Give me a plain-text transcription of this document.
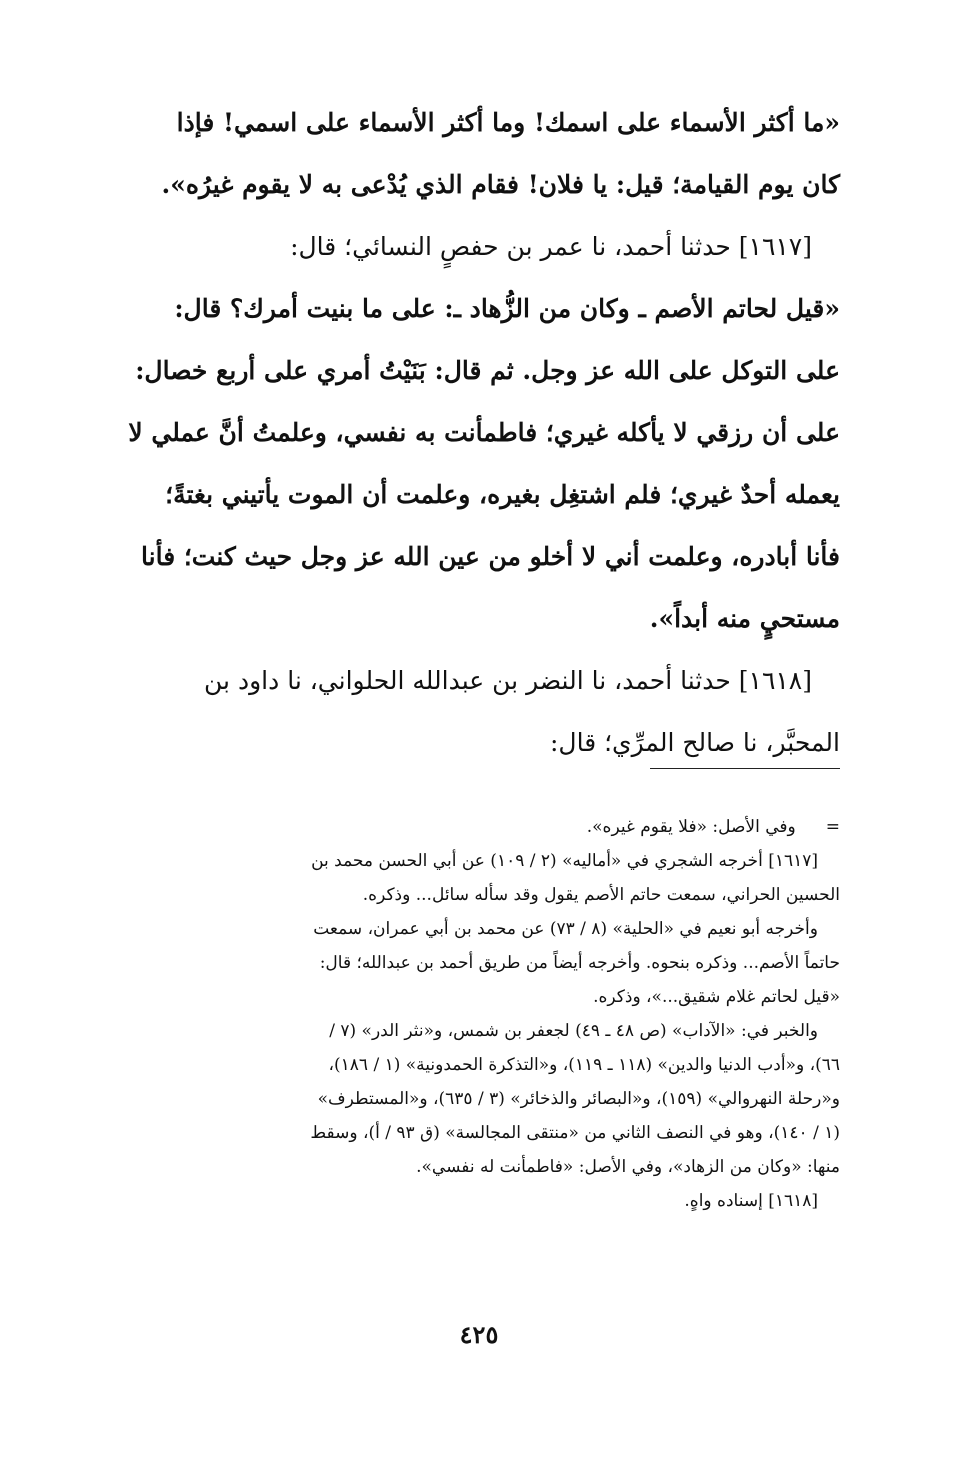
«ما أكثر الأسماء على اسمك! وما أكثر الأسماء على اسمي! فإذا

كان يوم القيامة؛ قيل: يا فلان! فقام الذي يُدْعى به لا يقوم غيرُه».

[١٦١٧] حدثنا أحمد، نا عمر بن حفصٍ النسائي؛ قال:

«قيل لحاتم الأصم ـ وكان من الزُّهاد ـ: على ما بنيت أمرك؟ قال:

على التوكل على الله عز وجل. ثم قال: بَنَيْتُ أمري على أربع خصال:

على أن رزقي لا يأكله غيري؛ فاطمأنت به نفسي، وعلمتُ أنَّ عملي لا

يعمله أحدٌ غيري؛ فلم اشتغِل بغيره، وعلمت أن الموت يأتيني بغتةً؛

فأنا أبادره، وعلمت أني لا أخلو من عين الله عز وجل حيث كنت؛ فأنا

مستحيٍ منه أبداً».

[١٦١٨] حدثنا أحمد، نا النضر بن عبدالله الحلواني، نا داود بن

المحبَّر، نا صالح المرِّي؛ قال:

=وفي الأصل: «فلا يقوم غيره».

[١٦١٧] أخرجه الشجري في «أماليه» (٢ / ١٠٩) عن أبي الحسن محمد بن
الحسين الحراني، سمعت حاتم الأصم يقول وقد سأله سائل... وذكره.
وأخرجه أبو نعيم في «الحلية» (٨ / ٧٣) عن محمد بن أبي عمران، سمعت
حاتماً الأصم... وذكره بنحوه. وأخرجه أيضاً من طريق أحمد بن عبدالله؛ قال:
«قيل لحاتم غلام شقيق...»، وذكره.
والخبر في: «الآداب» (ص ٤٨ ـ ٤٩) لجعفر بن شمس، و«نثر الدر» (٧ /
٦٦)، و«أدب الدنيا والدين» (١١٨ ـ ١١٩)، و«التذكرة الحمدونية» (١ / ١٨٦)،
و«رحلة النهروالي» (١٥٩)، و«البصائر والذخائر» (٣ / ٦٣٥)، و«المستطرف»
(١ / ١٤٠)، وهو في النصف الثاني من «منتقى المجالسة» (ق ٩٣ / أ)، وسقط
منها: «وكان من الزهاد»، وفي الأصل: «فاطمأنت له نفسي».
[١٦١٨] إسناده واهٍ.
٤٢٥
